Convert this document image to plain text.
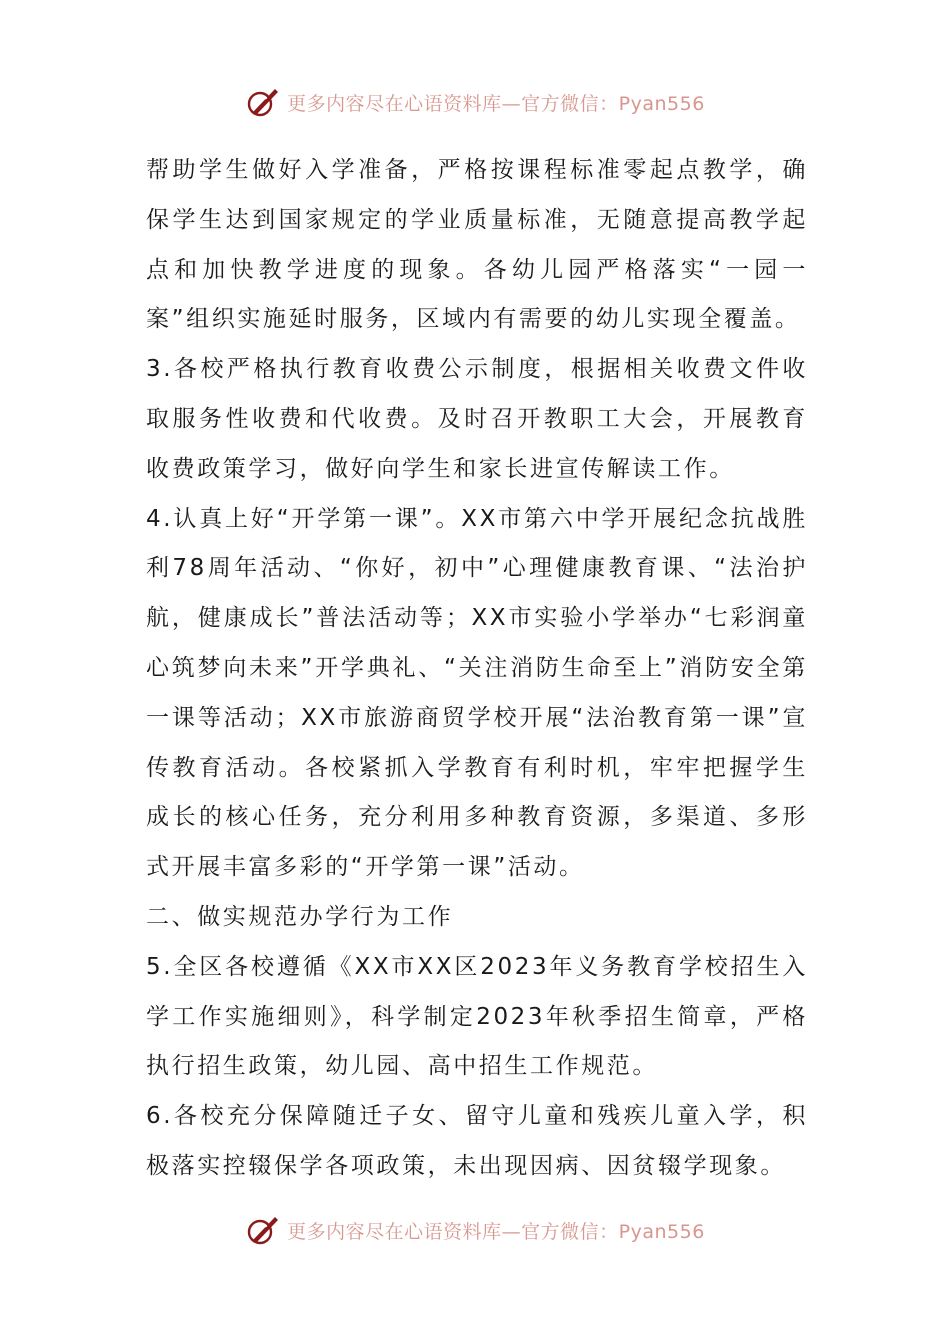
更多内容尽在心语资料库—官方微信：Pyan556

帮助学生做好入学准备，严格按课程标准零起点教学，确保学生达到国家规定的学业质量标准，无随意提高教学起点和加快教学进度的现象。各幼儿园严格落实“一园一案”组织实施延时服务，区域内有需要的幼儿实现全覆盖。

3.各校严格执行教育收费公示制度，根据相关收费文件收取服务性收费和代收费。及时召开教职工大会，开展教育收费政策学习，做好向学生和家长进宣传解读工作。

4.认真上好“开学第一课”。XX市第六中学开展纪念抗战胜利78周年活动、“你好，初中”心理健康教育课、“法治护航，健康成长”普法活动等；XX市实验小学举办“七彩润童心筑梦向未来”开学典礼、“关注消防生命至上”消防安全第一课等活动；XX市旅游商贸学校开展“法治教育第一课”宣传教育活动。各校紧抓入学教育有利时机，牢牢把握学生成长的核心任务，充分利用多种教育资源，多渠道、多形式开展丰富多彩的“开学第一课”活动。

二、做实规范办学行为工作

5.全区各校遵循《XX市XX区2023年义务教育学校招生入学工作实施细则》，科学制定2023年秋季招生简章，严格执行招生政策，幼儿园、高中招生工作规范。

6.各校充分保障随迁子女、留守儿童和残疾儿童入学，积极落实控辍保学各项政策，未出现因病、因贫辍学现象。

更多内容尽在心语资料库—官方微信：Pyan556
